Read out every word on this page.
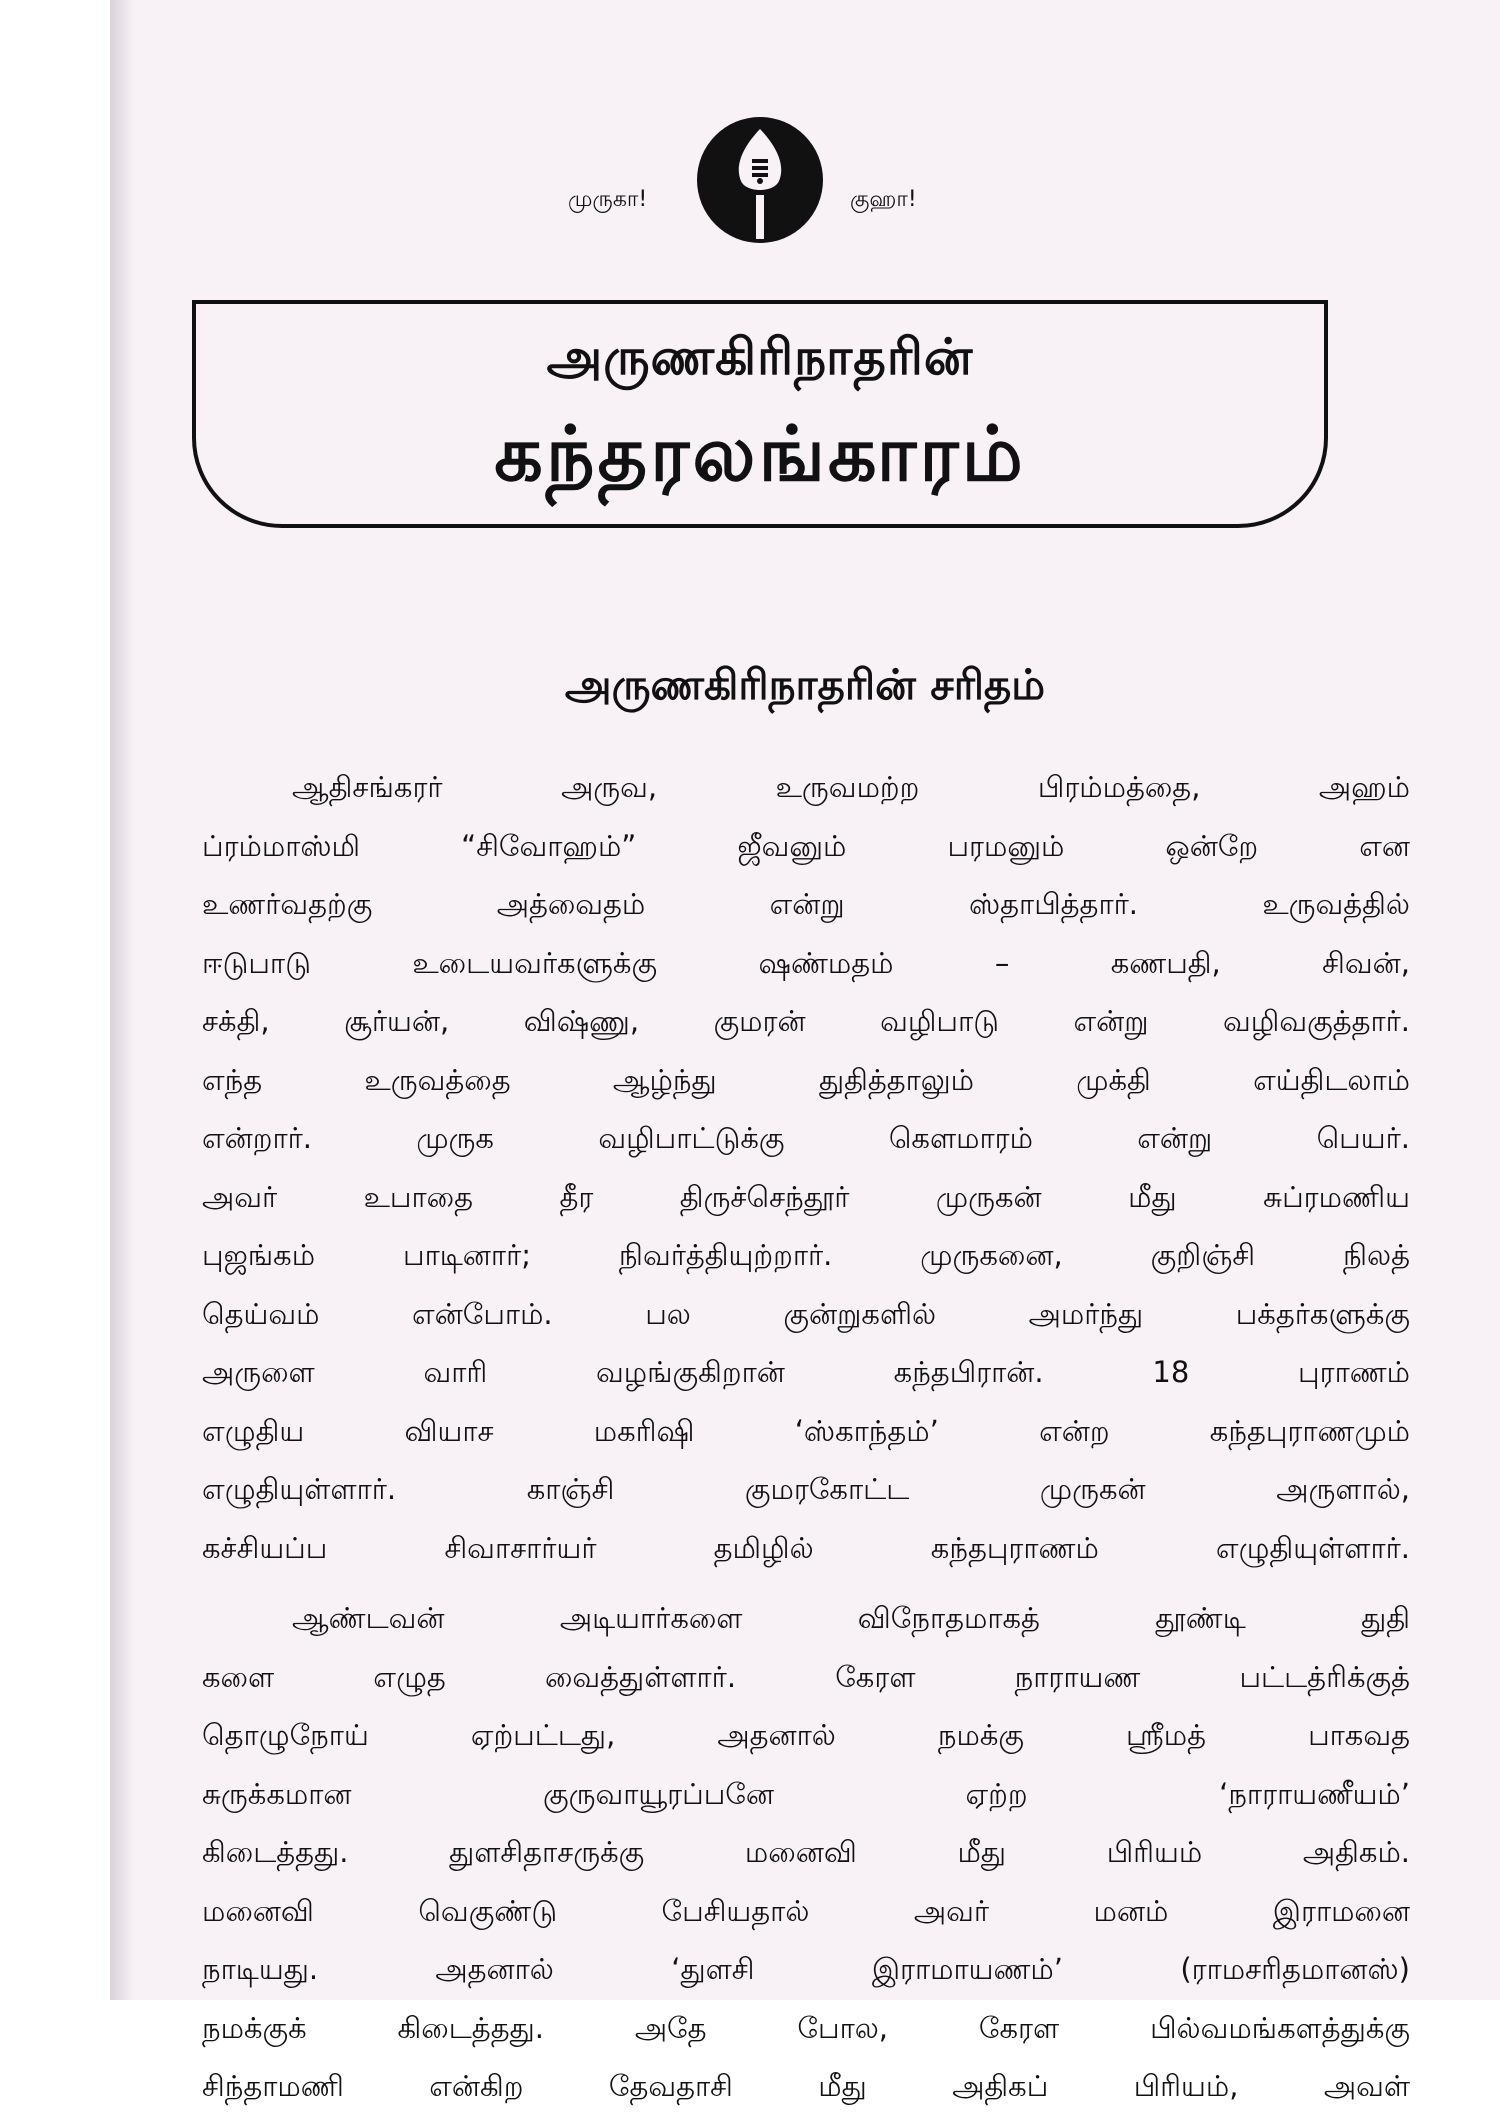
முருகா!	குஹா!
அருணகிரிநாதரின்
கந்தரலங்காரம்
அருணகிரிநாதரின் சரிதம்
ஆதிசங்கரர் அருவ, உருவமற்ற பிரம்மத்தை, அஹம்
ப்ரம்மாஸ்மி “சிவோஹம்” ஜீவனும் பரமனும் ஒன்றே என
உணர்வதற்கு அத்வைதம் என்று ஸ்தாபித்தார். உருவத்தில்
ஈடுபாடு உடையவர்களுக்கு ஷண்மதம் – கணபதி, சிவன்,
சக்தி, சூர்யன், விஷ்ணு, குமரன் வழிபாடு என்று வழிவகுத்தார்.
எந்த உருவத்தை ஆழ்ந்து துதித்தாலும் முக்தி எய்திடலாம்
என்றார். முருக வழிபாட்டுக்கு கௌமாரம் என்று பெயர்.
அவர் உபாதை தீர திருச்செந்தூர் முருகன் மீது சுப்ரமணிய
புஜங்கம் பாடினார்; நிவர்த்தியுற்றார். முருகனை, குறிஞ்சி நிலத்
தெய்வம் என்போம். பல குன்றுகளில் அமர்ந்து பக்தர்களுக்கு
அருளை வாரி வழங்குகிறான் கந்தபிரான். 18 புராணம்
எழுதிய வியாச மகரிஷி ‘ஸ்காந்தம்’ என்ற கந்தபுராணமும்
எழுதியுள்ளார். காஞ்சி குமரகோட்ட முருகன் அருளால்,
கச்சியப்ப சிவாசார்யர் தமிழில் கந்தபுராணம் எழுதியுள்ளார்.
ஆண்டவன் அடியார்களை விநோதமாகத் தூண்டி துதி
களை எழுத வைத்துள்ளார். கேரள நாராயண பட்டத்ரிக்குத்
தொழுநோய் ஏற்பட்டது, அதனால் நமக்கு ஸ்ரீமத் பாகவத
சுருக்கமான குருவாயூரப்பனே ஏற்ற ‘நாராயணீயம்’
கிடைத்தது. துளசிதாசருக்கு மனைவி மீது பிரியம் அதிகம்.
மனைவி வெகுண்டு பேசியதால் அவர் மனம் இராமனை
நாடியது. அதனால் ‘துளசி இராமாயணம்’ (ராமசரிதமானஸ்)
நமக்குக் கிடைத்தது. அதே போல, கேரள பில்வமங்களத்துக்கு
சிந்தாமணி என்கிற தேவதாசி மீது அதிகப் பிரியம், அவள்
